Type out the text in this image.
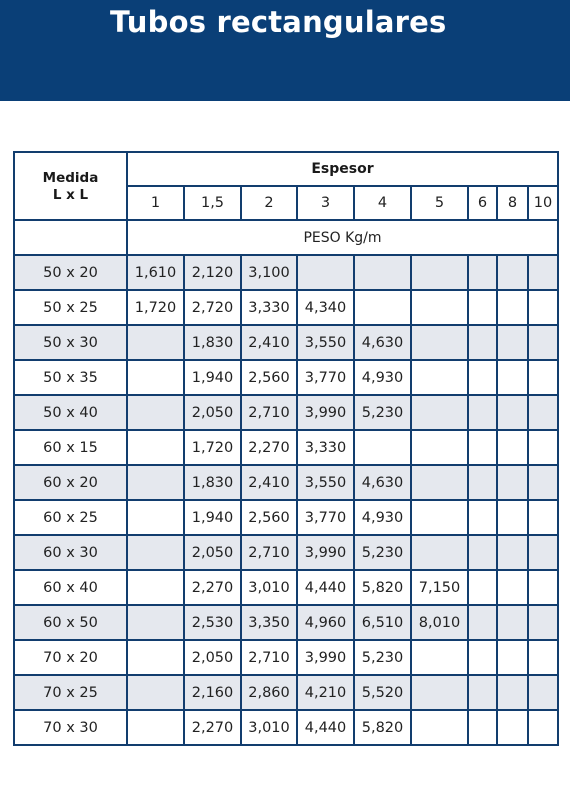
Tubos rectangulares
Medida
L x L	Espesor								
	1	1,5	2	3	4	5	6	8	10
	PESO Kg/m								
50 x 20	1,610	2,120	3,100						
50 x 25	1,720	2,720	3,330	4,340					
50 x 30		1,830	2,410	3,550	4,630				
50 x 35		1,940	2,560	3,770	4,930				
50 x 40		2,050	2,710	3,990	5,230				
60 x 15		1,720	2,270	3,330					
60 x 20		1,830	2,410	3,550	4,630				
60 x 25		1,940	2,560	3,770	4,930				
60 x 30		2,050	2,710	3,990	5,230				
60 x 40		2,270	3,010	4,440	5,820	7,150			
60 x 50		2,530	3,350	4,960	6,510	8,010			
70 x 20		2,050	2,710	3,990	5,230				
70 x 25		2,160	2,860	4,210	5,520				
70 x 30		2,270	3,010	4,440	5,820				
